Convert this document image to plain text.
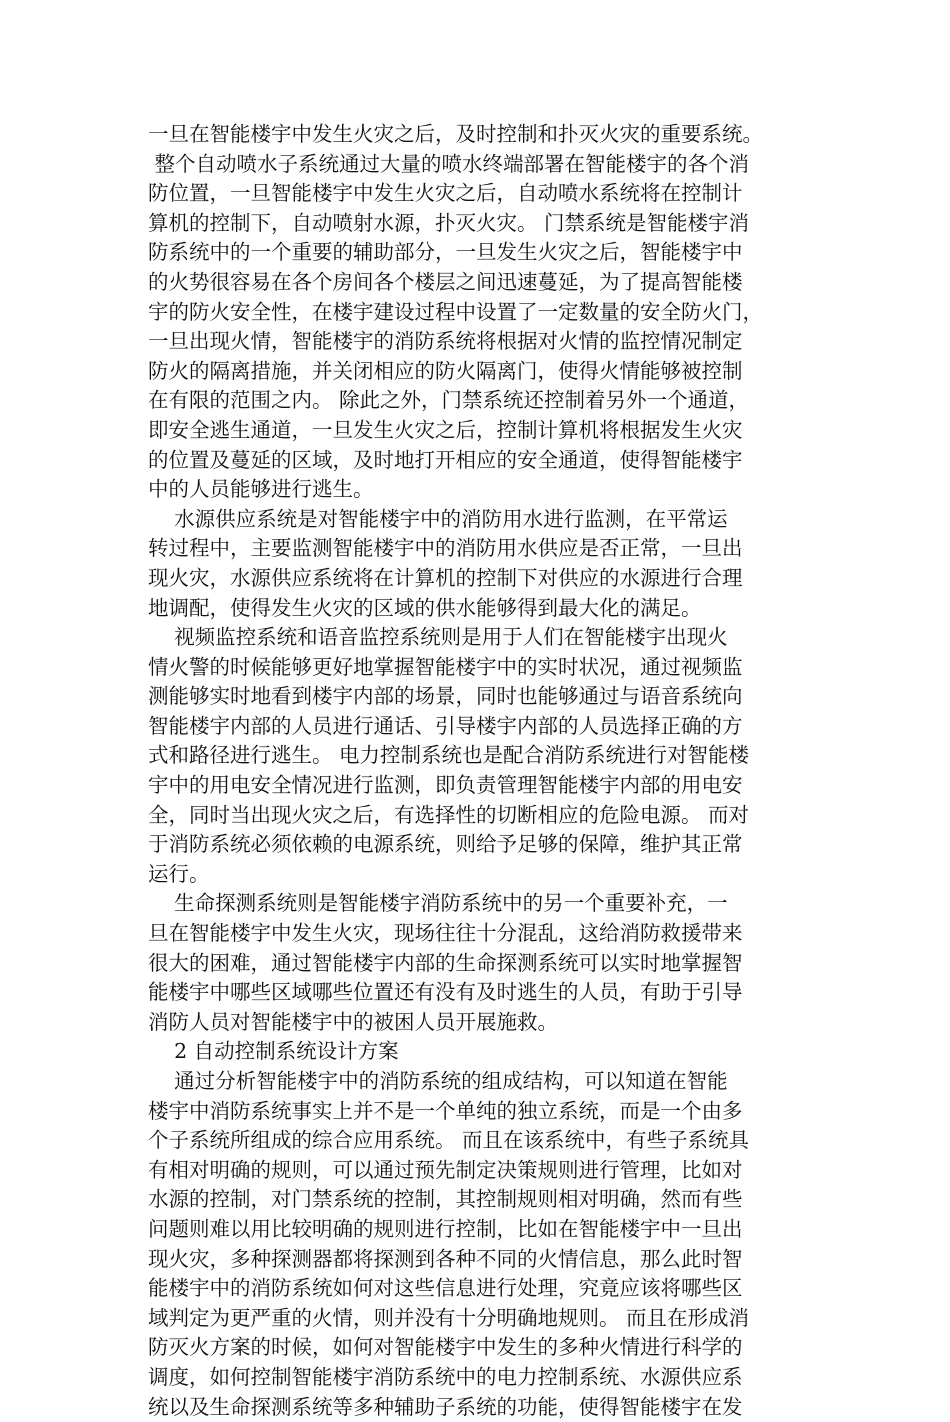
一旦在智能楼宇中发生火灾之后，及时控制和扑灭火灾的重要系统。
整个自动喷水子系统通过大量的喷水终端部署在智能楼宇的各个消
防位置，一旦智能楼宇中发生火灾之后，自动喷水系统将在控制计
算机的控制下，自动喷射水源，扑灭火灾。 门禁系统是智能楼宇消
防系统中的一个重要的辅助部分，一旦发生火灾之后，智能楼宇中
的火势很容易在各个房间各个楼层之间迅速蔓延，为了提高智能楼
宇的防火安全性，在楼宇建设过程中设置了一定数量的安全防火门，
一旦出现火情，智能楼宇的消防系统将根据对火情的监控情况制定
防火的隔离措施，并关闭相应的防火隔离门，使得火情能够被控制
在有限的范围之内。 除此之外，门禁系统还控制着另外一个通道，
即安全逃生通道，一旦发生火灾之后，控制计算机将根据发生火灾
的位置及蔓延的区域，及时地打开相应的安全通道，使得智能楼宇
中的人员能够进行逃生。
水源供应系统是对智能楼宇中的消防用水进行监测，在平常运
转过程中，主要监测智能楼宇中的消防用水供应是否正常，一旦出
现火灾，水源供应系统将在计算机的控制下对供应的水源进行合理
地调配，使得发生火灾的区域的供水能够得到最大化的满足。
视频监控系统和语音监控系统则是用于人们在智能楼宇出现火
情火警的时候能够更好地掌握智能楼宇中的实时状况，通过视频监
测能够实时地看到楼宇内部的场景，同时也能够通过与语音系统向
智能楼宇内部的人员进行通话、引导楼宇内部的人员选择正确的方
式和路径进行逃生。 电力控制系统也是配合消防系统进行对智能楼
宇中的用电安全情况进行监测，即负责管理智能楼宇内部的用电安
全，同时当出现火灾之后，有选择性的切断相应的危险电源。 而对
于消防系统必须依赖的电源系统，则给予足够的保障，维护其正常
运行。
生命探测系统则是智能楼宇消防系统中的另一个重要补充，一
旦在智能楼宇中发生火灾，现场往往十分混乱，这给消防救援带来
很大的困难，通过智能楼宇内部的生命探测系统可以实时地掌握智
能楼宇中哪些区域哪些位置还有没有及时逃生的人员，有助于引导
消防人员对智能楼宇中的被困人员开展施救。
2 自动控制系统设计方案
通过分析智能楼宇中的消防系统的组成结构，可以知道在智能
楼宇中消防系统事实上并不是一个单纯的独立系统，而是一个由多
个子系统所组成的综合应用系统。 而且在该系统中，有些子系统具
有相对明确的规则，可以通过预先制定决策规则进行管理，比如对
水源的控制，对门禁系统的控制，其控制规则相对明确，然而有些
问题则难以用比较明确的规则进行控制，比如在智能楼宇中一旦出
现火灾，多种探测器都将探测到各种不同的火情信息，那么此时智
能楼宇中的消防系统如何对这些信息进行处理，究竟应该将哪些区
域判定为更严重的火情，则并没有十分明确地规则。 而且在形成消
防灭火方案的时候，如何对智能楼宇中发生的多种火情进行科学的
调度，如何控制智能楼宇消防系统中的电力控制系统、水源供应系
统以及生命探测系统等多种辅助子系统的功能，使得智能楼宇在发
